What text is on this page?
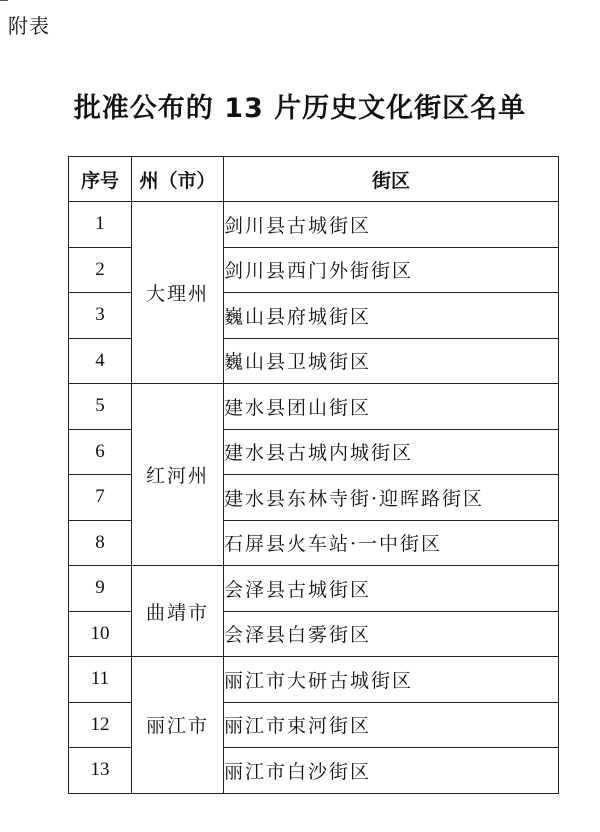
附表
批准公布的 13 片历史文化街区名单
序号	州（市）	街区
1	大理州	剑川县古城街区
2		剑川县西门外街街区
3		巍山县府城街区
4		巍山县卫城街区
5	红河州	建水县团山街区
6		建水县古城内城街区
7		建水县东林寺街·迎晖路街区
8		石屏县火车站·一中街区
9	曲靖市	会泽县古城街区
10		会泽县白雾街区
11	丽江市	丽江市大研古城街区
12		丽江市束河街区
13		丽江市白沙街区
